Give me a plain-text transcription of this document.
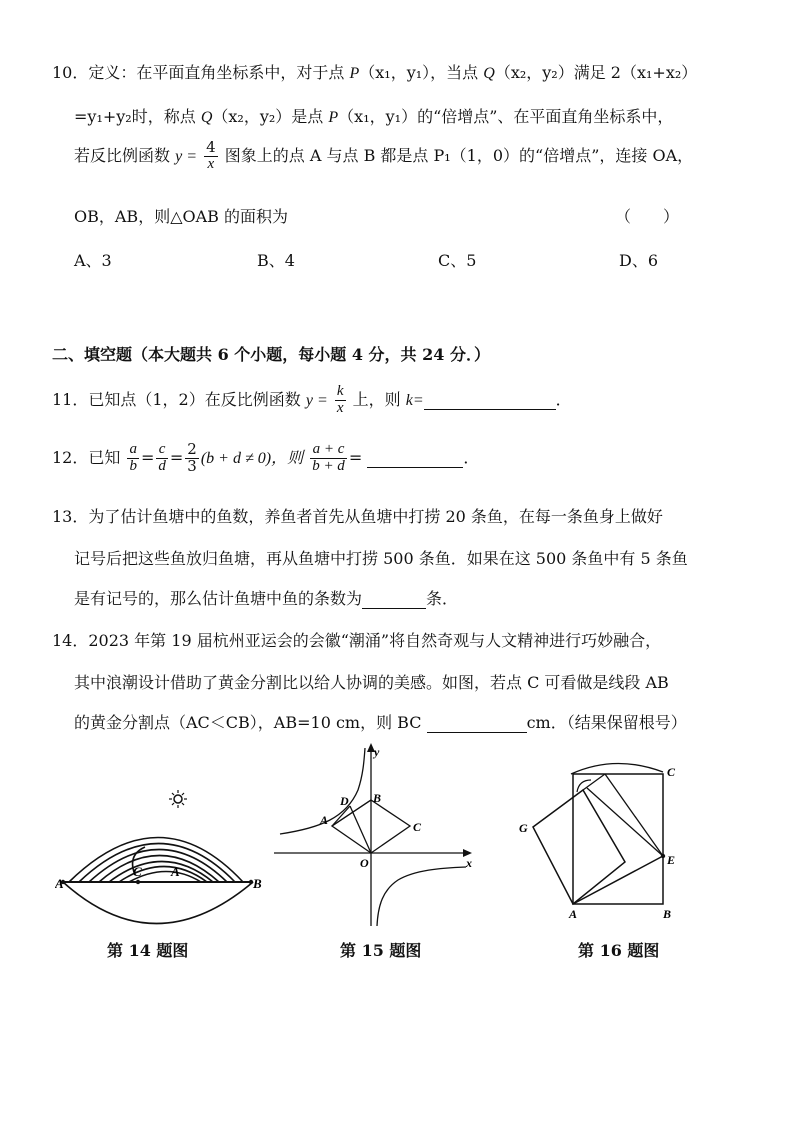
10．定义：在平面直角坐标系中，对于点 P（x₁，y₁），当点 Q（x₂，y₂）满足 2（x₁+x₂）
=y₁+y₂时，称点 Q（x₂，y₂）是点 P（x₁，y₁）的“倍增点”、在平面直角坐标系中，
若反比例函数 $y = \frac{4}{x}$ 图象上的点 A 与点 B 都是点 P₁（1，0）的“倍增点”，连接 OA，
OB，AB，则△OAB 的面积为	（　　）
A、3	B、4	C、5	D、6
二、填空题（本大题共 6 个小题，每小题 4 分，共 24 分．）
11．已知点（1，2）在反比例函数 $y = \frac{k}{x}$ 上，则 k=	．
12．已知 $\frac{a}{b} = \frac{c}{d} = \frac{2}{3} (b + d \ne 0)$，则 $\frac{a + c}{b + d}$ =	．
13．为了估计鱼塘中的鱼数，养鱼者首先从鱼塘中打捞 20 条鱼，在每一条鱼身上做好
记号后把这些鱼放归鱼塘，再从鱼塘中打捞 500 条鱼．如果在这 500 条鱼中有 5 条鱼
是有记号的，那么估计鱼塘中鱼的条数为	条．
14．2023 年第 19 届杭州亚运会的会徽“潮涌”将自然奇观与人文精神进行巧妙融合，
其中浪潮设计借助了黄金分割比以给人协调的美感。如图，若点 C 可看做是线段 AB
的黄金分割点（AC＜CB），AB=10 cm，则 BC	cm．（结果保留根号）
A
C A
B
第 14 题图
y
x
O
D B
A	C
第 15 题图
C
G
E
A	B
第 16 题图
